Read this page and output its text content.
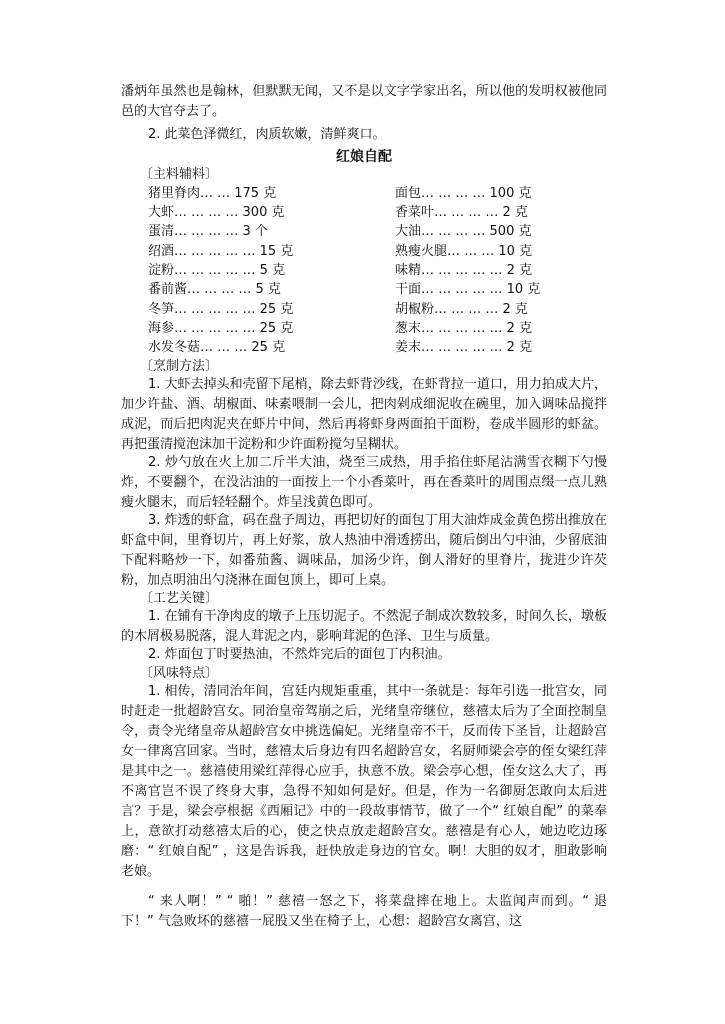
潘炳年虽然也是翰林，但默默无闻，又不是以文字学家出名，所以他的发明权被他同邑的大官夺去了。

2. 此菜色泽微红，肉质软嫩，清鲜爽口。

红娘自配
〔主料辅料〕
猪里脊肉… … 175 克
大虾… … … … 300 克
蛋清… … … … 3 个
绍酒… … … … … 15 克
淀粉… … … … … 5 克
番前酱… … … … 5 克
冬笋… … … … … 25 克
海参… … … … … 25 克
水发冬菇… … … 25 克
面包… … … … 100 克
香菜叶… … … … 2 克
大油… … … … 500 克
熟瘦火腿… … … 10 克
味精… … … … … 2 克
干面… … … … … 10 克
胡椒粉… … … … 2 克
葱末… … … … … 2 克
姜末… … … … … 2 克
〔烹制方法〕

1. 大虾去掉头和壳留下尾梢，除去虾背沙线，在虾背拉一道口，用力拍成大片，加少许盐、酒、胡椒面、味素喂制一会儿，把肉剁成细泥收在碗里，加入调味品搅拌成泥，而后把肉泥夹在虾片中间，然后再将虾身两面拍干面粉，卷成半圆形的虾盆。再把蛋清搅泡沫加干淀粉和少许面粉搅匀呈糊状。

2. 炒勺放在火上加二斤半大油，烧至三成热，用手掐住虾尾沾满雪衣糊下勺慢炸，不要翻个，在没沾油的一面按上一个小香菜叶，再在香菜叶的周围点缀一点儿熟瘦火腿末，而后轻轻翻个。炸呈浅黄色即可。

3. 炸透的虾盒，码在盘子周边，再把切好的面包丁用大油炸成金黄色捞出推放在虾盒中间，里脊切片，再上好浆，放人热油中滑透捞出，随后倒出勺中油，少留底油下配料略炒一下，如番茄酱、调味品，加汤少许，倒人滑好的里脊片，拢进少许芡粉，加点明油出勺浇淋在面包顶上，即可上桌。

〔工艺关键〕

1. 在铺有干净肉皮的墩子上压切泥子。不然泥子制成次数较多，时间久长，墩板的木屑极易脱落，混人茸泥之内，影响茸泥的色泽、卫生与质量。

2. 炸面包丁时要热油，不然炸完后的面包丁内积油。

〔风味特点〕

1. 相传，清同治年间，宫廷内规矩重重，其中一条就是：每年引选一批宫女，同时赶走一批超龄宫女。同治皇帝驾崩之后，光绪皇帝继位，慈禧太后为了全面控制皇令，责令光绪皇帝从超龄宫女中挑选偏妃。光绪皇帝不干，反而传下圣旨，让超龄宫女一律离宫回家。当时，慈禧太后身边有四名超龄宫女，名厨师梁会亭的侄女梁红萍是其中之一。慈禧使用梁红萍得心应手，执意不放。梁会亭心想，侄女这么大了，再不离官岂不误了终身大事，急得不知如何是好。但是，作为一名御厨怎敢向太后进言？于是，梁会亭根据《西厢记》中的一段故事情节，做了一个“ 红娘自配” 的菜奉上，意欲打动慈禧太后的心，使之快点放走超龄宫女。慈禧是有心人，她边吃边琢磨：“ 红娘自配” ，这是告诉我，赶快放走身边的官女。啊！大胆的奴才，胆敢影响老娘。

“ 来人啊！” “ 啪！” 慈禧一怒之下，将菜盘摔在地上。太监闻声而到。“ 退下！” 气急败坏的慈禧一屁股又坐在椅子上，心想：超龄宫女离宫，这
